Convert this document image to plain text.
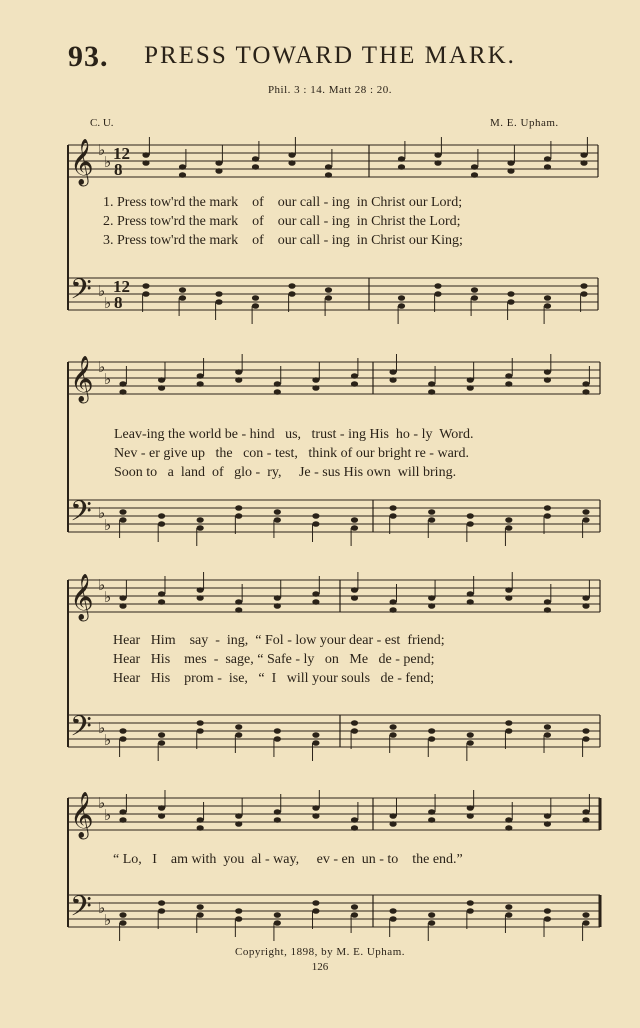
93.	PRESS TOWARD THE MARK.
Phil. 3 : 14. Matt 28 : 20.
C. U.	M. E. Upham.
𝄞 ♭
♭ 12
8
𝄢 ♭
♭
12
8
𝄞 ♭
♭
𝄢 ♭
♭
𝄞 ♭
♭
𝄢 ♭
♭
𝄞 ♭
♭
𝄢 ♭
♭
1. Press tow'rd the mark    of    our call - ing  in Christ our Lord;
2. Press tow'rd the mark    of    our call - ing  in Christ the Lord;
3. Press tow'rd the mark    of    our call - ing  in Christ our King;
Leav-ing the world be - hind   us,   trust - ing His  ho - ly  Word.
Nev - er give up   the   con - test,   think of our bright re - ward.
Soon to   a  land  of   glo -  ry,     Je - sus His own  will bring.
Hear   Him    say  -  ing,  “ Fol - low your dear - est  friend;
Hear   His    mes  -  sage, “ Safe - ly   on   Me   de - pend;
Hear   His    prom -  ise,   “  I   will your souls   de - fend;
“ Lo,   I    am with  you  al - way,     ev - en  un - to    the end.”
Copyright, 1898, by M. E. Upham.
126
